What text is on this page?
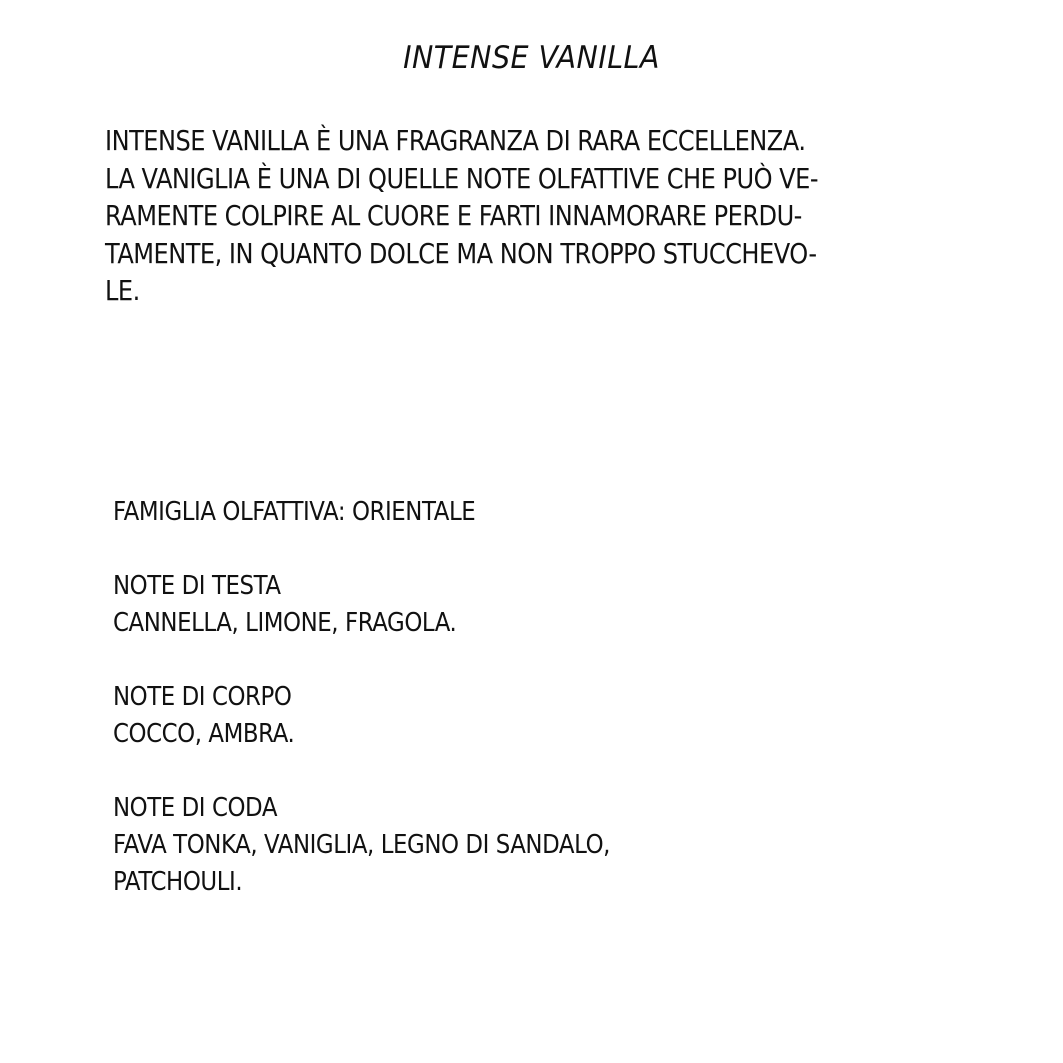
INTENSE VANILLA

INTENSE VANILLA È UNA FRAGRANZA DI RARA ECCELLENZA.
LA VANIGLIA È UNA DI QUELLE NOTE OLFATTIVE CHE PUÒ VE-
RAMENTE COLPIRE AL CUORE E FARTI INNAMORARE PERDU-
TAMENTE, IN QUANTO DOLCE MA NON TROPPO STUCCHEVO-
LE.

FAMIGLIA OLFATTIVA: ORIENTALE
NOTE DI TESTA
CANNELLA, LIMONE, FRAGOLA.
NOTE DI CORPO
COCCO, AMBRA.
NOTE DI CODA
FAVA TONKA, VANIGLIA, LEGNO DI SANDALO,
PATCHOULI.
